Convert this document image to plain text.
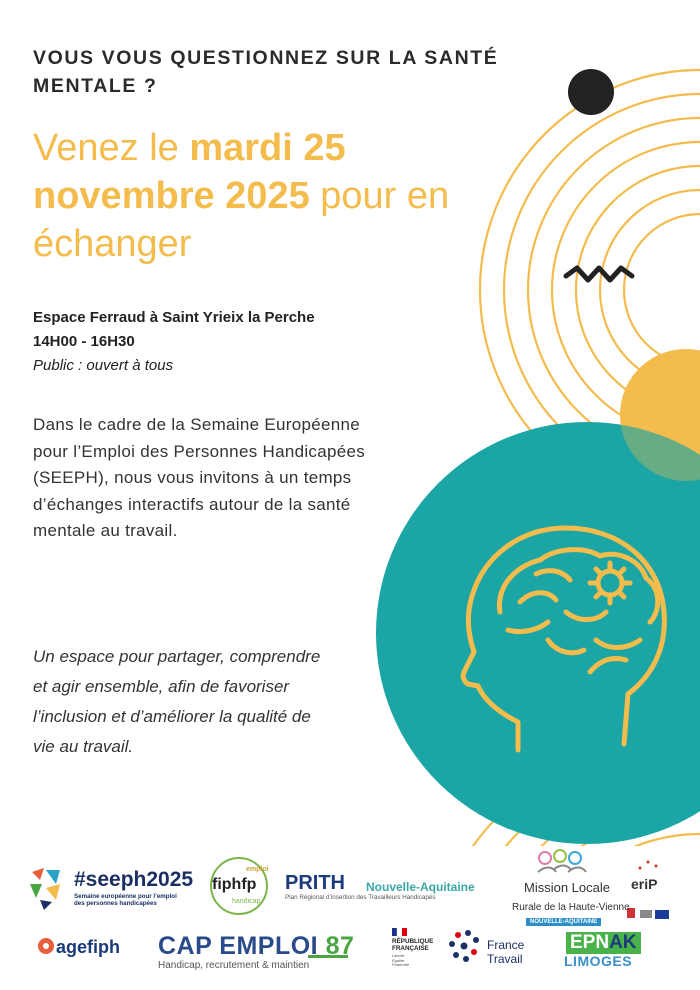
VOUS VOUS QUESTIONNEZ SUR LA SANTÉ MENTALE ?
Venez le mardi 25 novembre 2025 pour en échanger
Espace Ferraud à Saint Yrieix la Perche
14H00 - 16H30
Public : ouvert à tous
Dans le cadre de la Semaine Européenne pour l’Emploi des Personnes Handicapées (SEEPH), nous vous invitons à un temps d’échanges interactifs autour de la santé mentale au travail.
Un espace pour partager, comprendre et agir ensemble, afin de favoriser l’inclusion et d’améliorer la qualité de vie au travail.
#seeph2025
Semaine européenne pour l’emploi
des personnes handicapées
emploi
fiphfp
handicap
PRITH Nouvelle-Aquitaine
Plan Régional d’insertion des Travailleurs Handicapés
Mission Locale
Rurale de la Haute-Vienne
NOUVELLE-AQUITAINE
eriP
agefiph CAP EMPLOI 87
Handicap, recrutement & maintien
RÉPUBLIQUE
FRANÇAISE
Liberté
Égalité
Fraternité
France
Travail
EPNAK
LIMOGES
